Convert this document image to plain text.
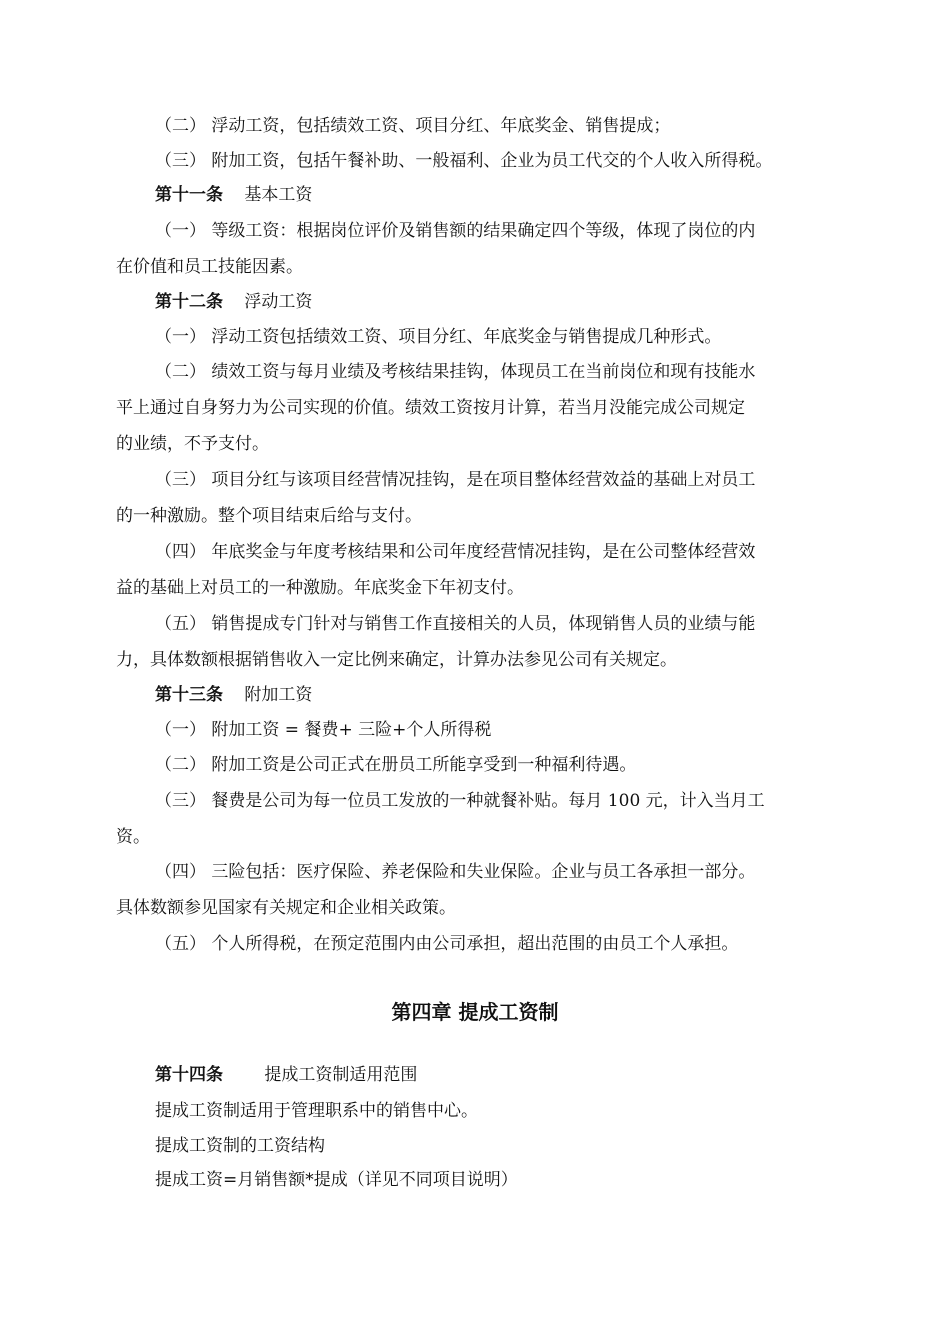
（二） 浮动工资，包括绩效工资、项目分红、年底奖金、销售提成；
（三） 附加工资，包括午餐补助、一般福利、企业为员工代交的个人收入所得税。
第十一条 基本工资
（一） 等级工资：根据岗位评价及销售额的结果确定四个等级，体现了岗位的内
在价值和员工技能因素。
第十二条 浮动工资
（一） 浮动工资包括绩效工资、项目分红、年底奖金与销售提成几种形式。
（二） 绩效工资与每月业绩及考核结果挂钩，体现员工在当前岗位和现有技能水
平上通过自身努力为公司实现的价值。绩效工资按月计算，若当月没能完成公司规定
的业绩，不予支付。
（三） 项目分红与该项目经营情况挂钩，是在项目整体经营效益的基础上对员工
的一种激励。整个项目结束后给与支付。
（四） 年底奖金与年度考核结果和公司年度经营情况挂钩，是在公司整体经营效
益的基础上对员工的一种激励。年底奖金下年初支付。
（五） 销售提成专门针对与销售工作直接相关的人员，体现销售人员的业绩与能
力，具体数额根据销售收入一定比例来确定，计算办法参见公司有关规定。
第十三条 附加工资
（一） 附加工资 = 餐费+ 三险+个人所得税
（二） 附加工资是公司正式在册员工所能享受到一种福利待遇。
（三） 餐费是公司为每一位员工发放的一种就餐补贴。每月 100 元，计入当月工
资。
（四） 三险包括：医疗保险、养老保险和失业保险。企业与员工各承担一部分。
具体数额参见国家有关规定和企业相关政策。
（五） 个人所得税，在预定范围内由公司承担，超出范围的由员工个人承担。
第四章 提成工资制
第十四条 提成工资制适用范围
提成工资制适用于管理职系中的销售中心。
提成工资制的工资结构
提成工资=月销售额*提成（详见不同项目说明）
